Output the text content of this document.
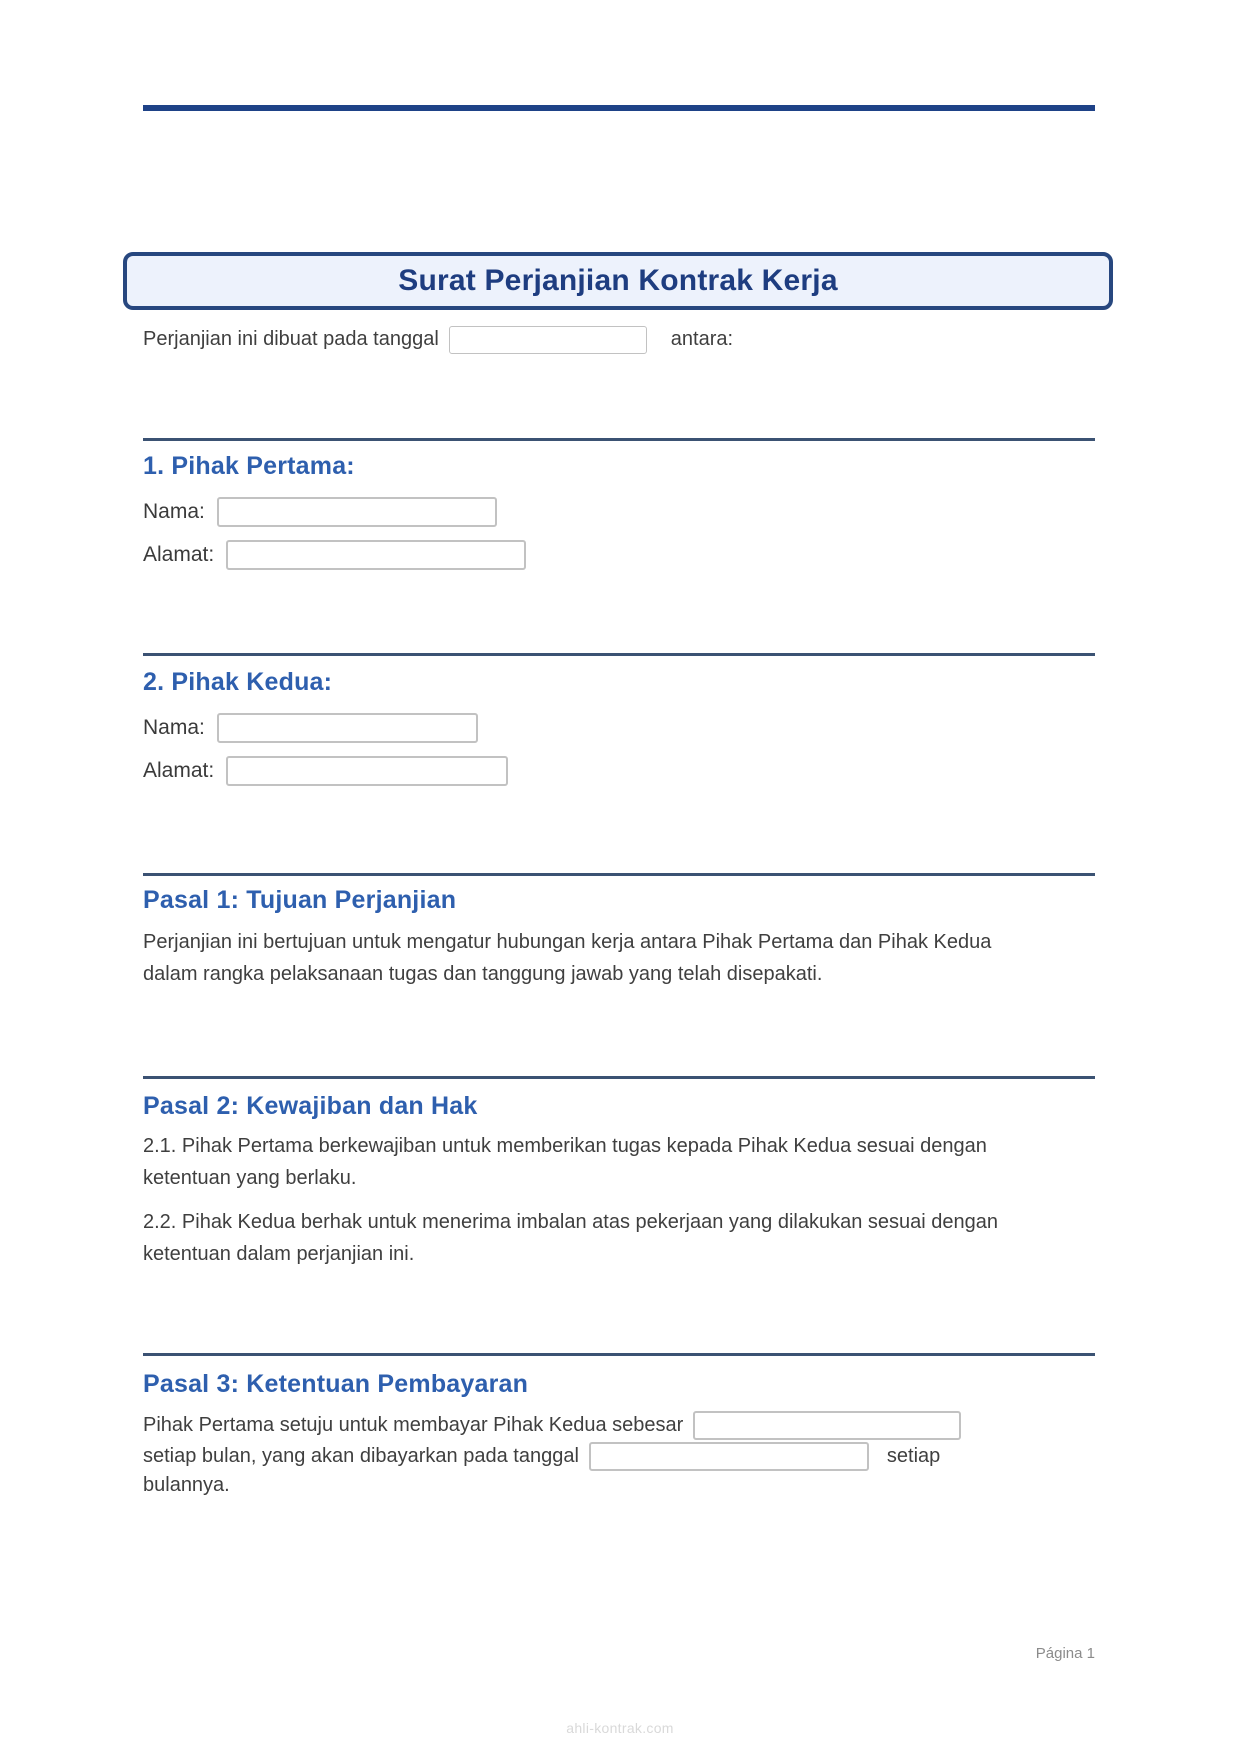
Surat Perjanjian Kontrak Kerja
Perjanjian ini dibuat pada tanggal	antara:
1. Pihak Pertama:
Nama:
Alamat:
2. Pihak Kedua:
Nama:
Alamat:
Pasal 1: Tujuan Perjanjian
Perjanjian ini bertujuan untuk mengatur hubungan kerja antara Pihak Pertama dan Pihak Kedua dalam rangka pelaksanaan tugas dan tanggung jawab yang telah disepakati.
Pasal 2: Kewajiban dan Hak
2.1. Pihak Pertama berkewajiban untuk memberikan tugas kepada Pihak Kedua sesuai dengan ketentuan yang berlaku.
2.2. Pihak Kedua berhak untuk menerima imbalan atas pekerjaan yang dilakukan sesuai dengan ketentuan dalam perjanjian ini.
Pasal 3: Ketentuan Pembayaran
Pihak Pertama setuju untuk membayar Pihak Kedua sebesar
setiap bulan, yang akan dibayarkan pada tanggal	setiap
bulannya.
Página 1
ahli-kontrak.com
